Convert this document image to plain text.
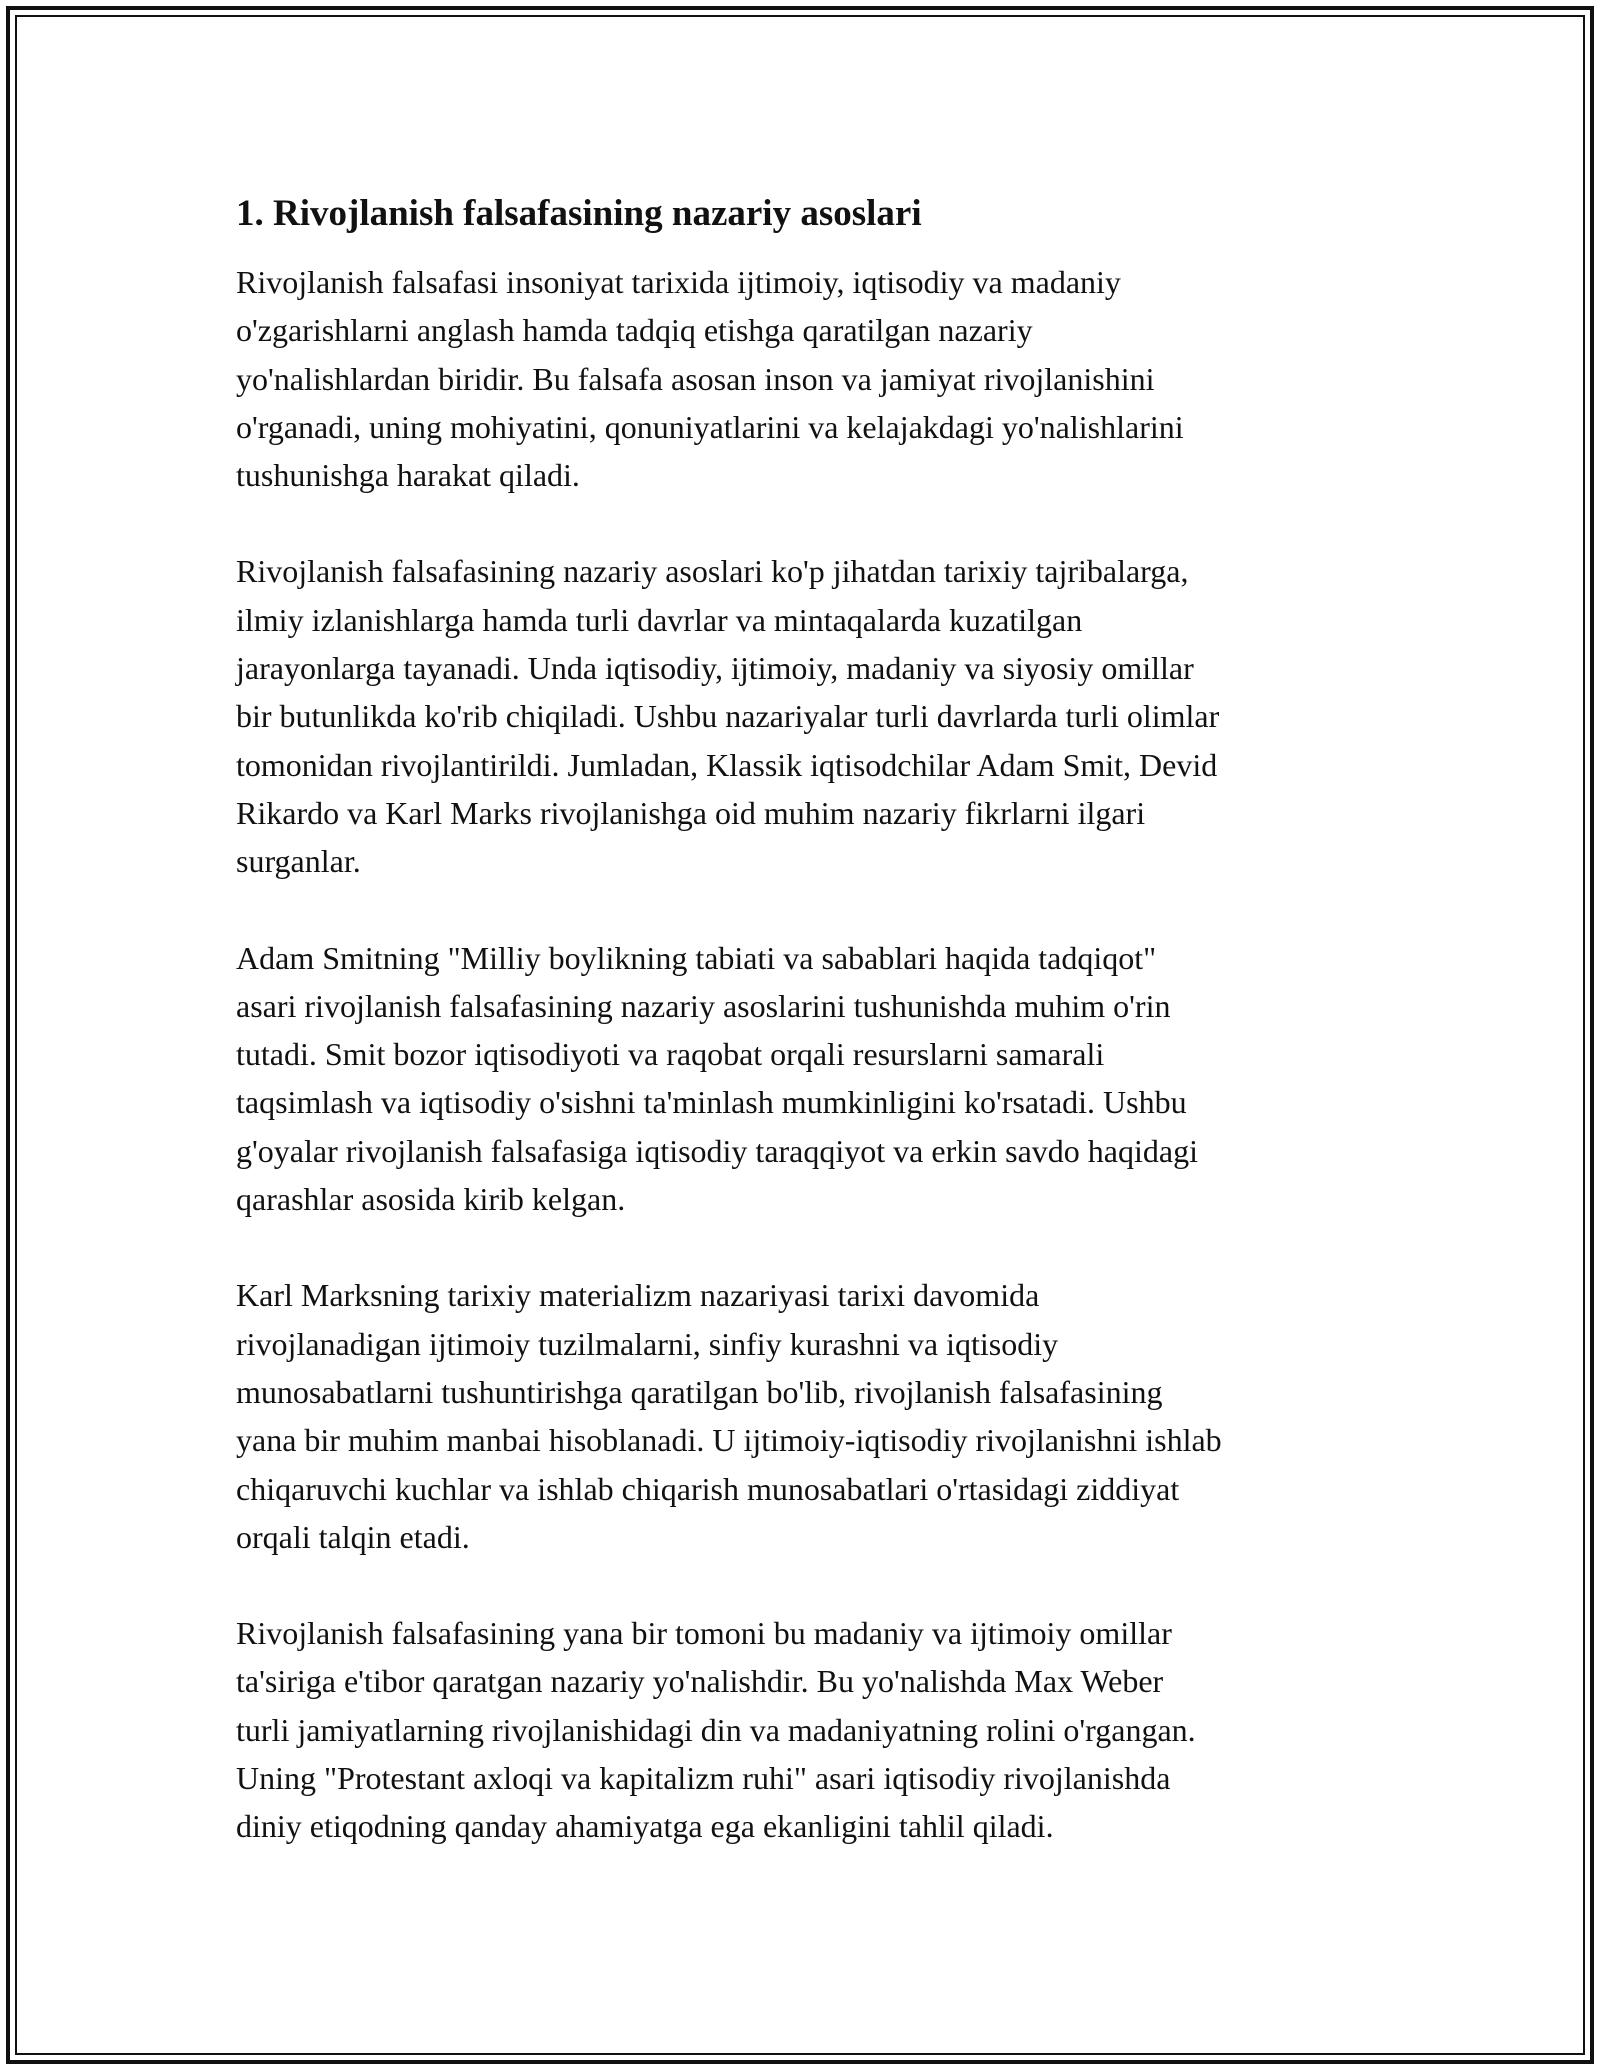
1. Rivojlanish falsafasining nazariy asoslari

Rivojlanish falsafasi insoniyat tarixida ijtimoiy, iqtisodiy va madaniy
o'zgarishlarni anglash hamda tadqiq etishga qaratilgan nazariy
yo'nalishlardan biridir. Bu falsafa asosan inson va jamiyat rivojlanishini
o'rganadi, uning mohiyatini, qonuniyatlarini va kelajakdagi yo'nalishlarini
tushunishga harakat qiladi.

Rivojlanish falsafasining nazariy asoslari ko'p jihatdan tarixiy tajribalarga,
ilmiy izlanishlarga hamda turli davrlar va mintaqalarda kuzatilgan
jarayonlarga tayanadi. Unda iqtisodiy, ijtimoiy, madaniy va siyosiy omillar
bir butunlikda ko'rib chiqiladi. Ushbu nazariyalar turli davrlarda turli olimlar
tomonidan rivojlantirildi. Jumladan, Klassik iqtisodchilar Adam Smit, Devid
Rikardo va Karl Marks rivojlanishga oid muhim nazariy fikrlarni ilgari
surganlar.

Adam Smitning "Milliy boylikning tabiati va sabablari haqida tadqiqot"
asari rivojlanish falsafasining nazariy asoslarini tushunishda muhim o'rin
tutadi. Smit bozor iqtisodiyoti va raqobat orqali resurslarni samarali
taqsimlash va iqtisodiy o'sishni ta'minlash mumkinligini ko'rsatadi. Ushbu
g'oyalar rivojlanish falsafasiga iqtisodiy taraqqiyot va erkin savdo haqidagi
qarashlar asosida kirib kelgan.

Karl Marksning tarixiy materializm nazariyasi tarixi davomida
rivojlanadigan ijtimoiy tuzilmalarni, sinfiy kurashni va iqtisodiy
munosabatlarni tushuntirishga qaratilgan bo'lib, rivojlanish falsafasining
yana bir muhim manbai hisoblanadi. U ijtimoiy-iqtisodiy rivojlanishni ishlab
chiqaruvchi kuchlar va ishlab chiqarish munosabatlari o'rtasidagi ziddiyat
orqali talqin etadi.

Rivojlanish falsafasining yana bir tomoni bu madaniy va ijtimoiy omillar
ta'siriga e'tibor qaratgan nazariy yo'nalishdir. Bu yo'nalishda Max Weber
turli jamiyatlarning rivojlanishidagi din va madaniyatning rolini o'rgangan.
Uning "Protestant axloqi va kapitalizm ruhi" asari iqtisodiy rivojlanishda
diniy etiqodning qanday ahamiyatga ega ekanligini tahlil qiladi.
